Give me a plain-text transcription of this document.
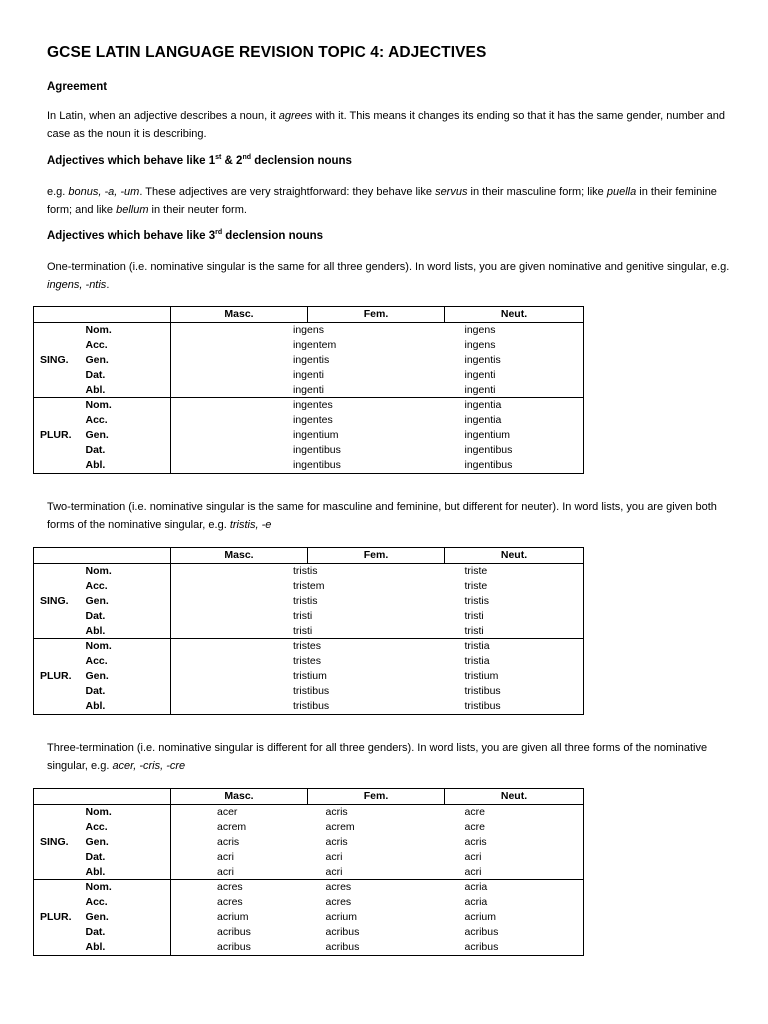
GCSE LATIN LANGUAGE REVISION TOPIC 4: ADJECTIVES
Agreement

In Latin, when an adjective describes a noun, it agrees with it. This means it changes its ending so that it has the same gender, number and case as the noun it is describing.

Adjectives which behave like 1st & 2nd declension nouns

e.g. bonus, -a, -um. These adjectives are very straightforward: they behave like servus in their masculine form; like puella in their feminine form; and like bellum in their neuter form.

Adjectives which behave like 3rd declension nouns

One-termination (i.e. nominative singular is the same for all three genders). In word lists, you are given nominative and genitive singular, e.g. ingens, -ntis.

		Masc.	Fem.	Neut.
	Nom.	ingens		ingens
	Acc.	ingentem		ingens
SING.	Gen.	ingentis		ingentis
	Dat.	ingenti		ingenti
	Abl.	ingenti		ingenti
	Nom.	ingentes		ingentia
	Acc.	ingentes		ingentia
PLUR.	Gen.	ingentium		ingentium
	Dat.	ingentibus		ingentibus
	Abl.	ingentibus		ingentibus

Two-termination (i.e. nominative singular is the same for masculine and feminine, but different for neuter). In word lists, you are given both forms of the nominative singular, e.g. tristis, -e

		Masc.	Fem.	Neut.
	Nom.	tristis		triste
	Acc.	tristem		triste
SING.	Gen.	tristis		tristis
	Dat.	tristi		tristi
	Abl.	tristi		tristi
	Nom.	tristes		tristia
	Acc.	tristes		tristia
PLUR.	Gen.	tristium		tristium
	Dat.	tristibus		tristibus
	Abl.	tristibus		tristibus

Three-termination (i.e. nominative singular is different for all three genders). In word lists, you are given all three forms of the nominative singular, e.g. acer, -cris, -cre

		Masc.	Fem.	Neut.
	Nom.	acer	acris	acre
	Acc.	acrem	acrem	acre
SING.	Gen.	acris	acris	acris
	Dat.	acri	acri	acri
	Abl.	acri	acri	acri
	Nom.	acres	acres	acria
	Acc.	acres	acres	acria
PLUR.	Gen.	acrium	acrium	acrium
	Dat.	acribus	acribus	acribus
	Abl.	acribus	acribus	acribus
